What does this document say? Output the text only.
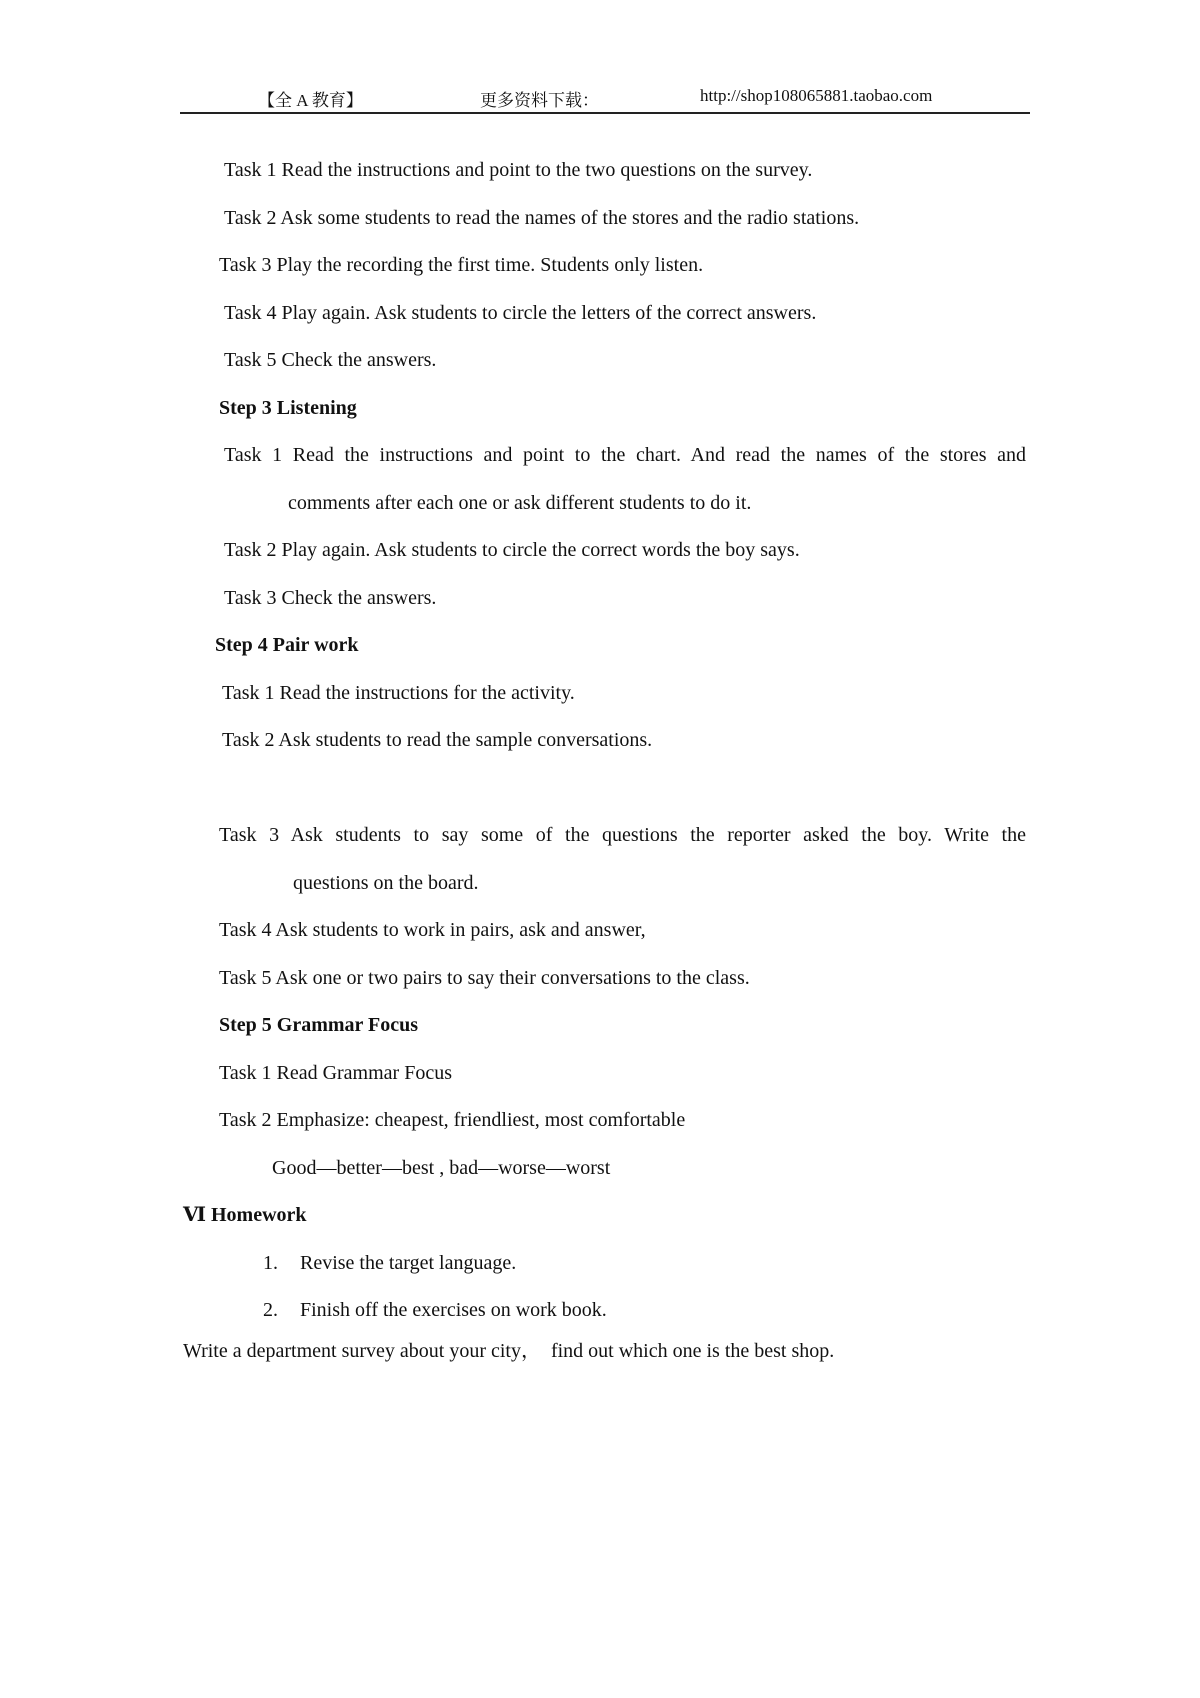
【全 A 教育】	更多资料下载：	http://shop108065881.taobao.com
Task 1 Read the instructions and point to the two questions on the survey.
Task 2 Ask some students to read the names of the stores and the radio stations.
Task 3 Play the recording the first time. Students only listen.
Task 4 Play again. Ask students to circle the letters of the correct answers.
Task 5 Check the answers.
Step 3 Listening
Task 1 Read the instructions and point to the chart. And read the names of the stores and
comments after each one or ask different students to do it.
Task 2 Play again. Ask students to circle the correct words the boy says.
Task 3 Check the answers.
Step 4 Pair work
Task 1 Read the instructions for the activity.
Task 2 Ask students to read the sample conversations.
Task 3 Ask students to say some of the questions the reporter asked the boy. Write the
questions on the board.
Task 4 Ask students to work in pairs, ask and answer,
Task 5 Ask one or two pairs to say their conversations to the class.
Step 5 Grammar Focus
Task 1 Read Grammar Focus
Task 2 Emphasize: cheapest, friendliest, most comfortable
Good—better—best , bad—worse—worst
Ⅵ Homework
1. Revise the target language.
2. Finish off the exercises on work book.
Write a department survey about your city，  find out which one is the best shop.
